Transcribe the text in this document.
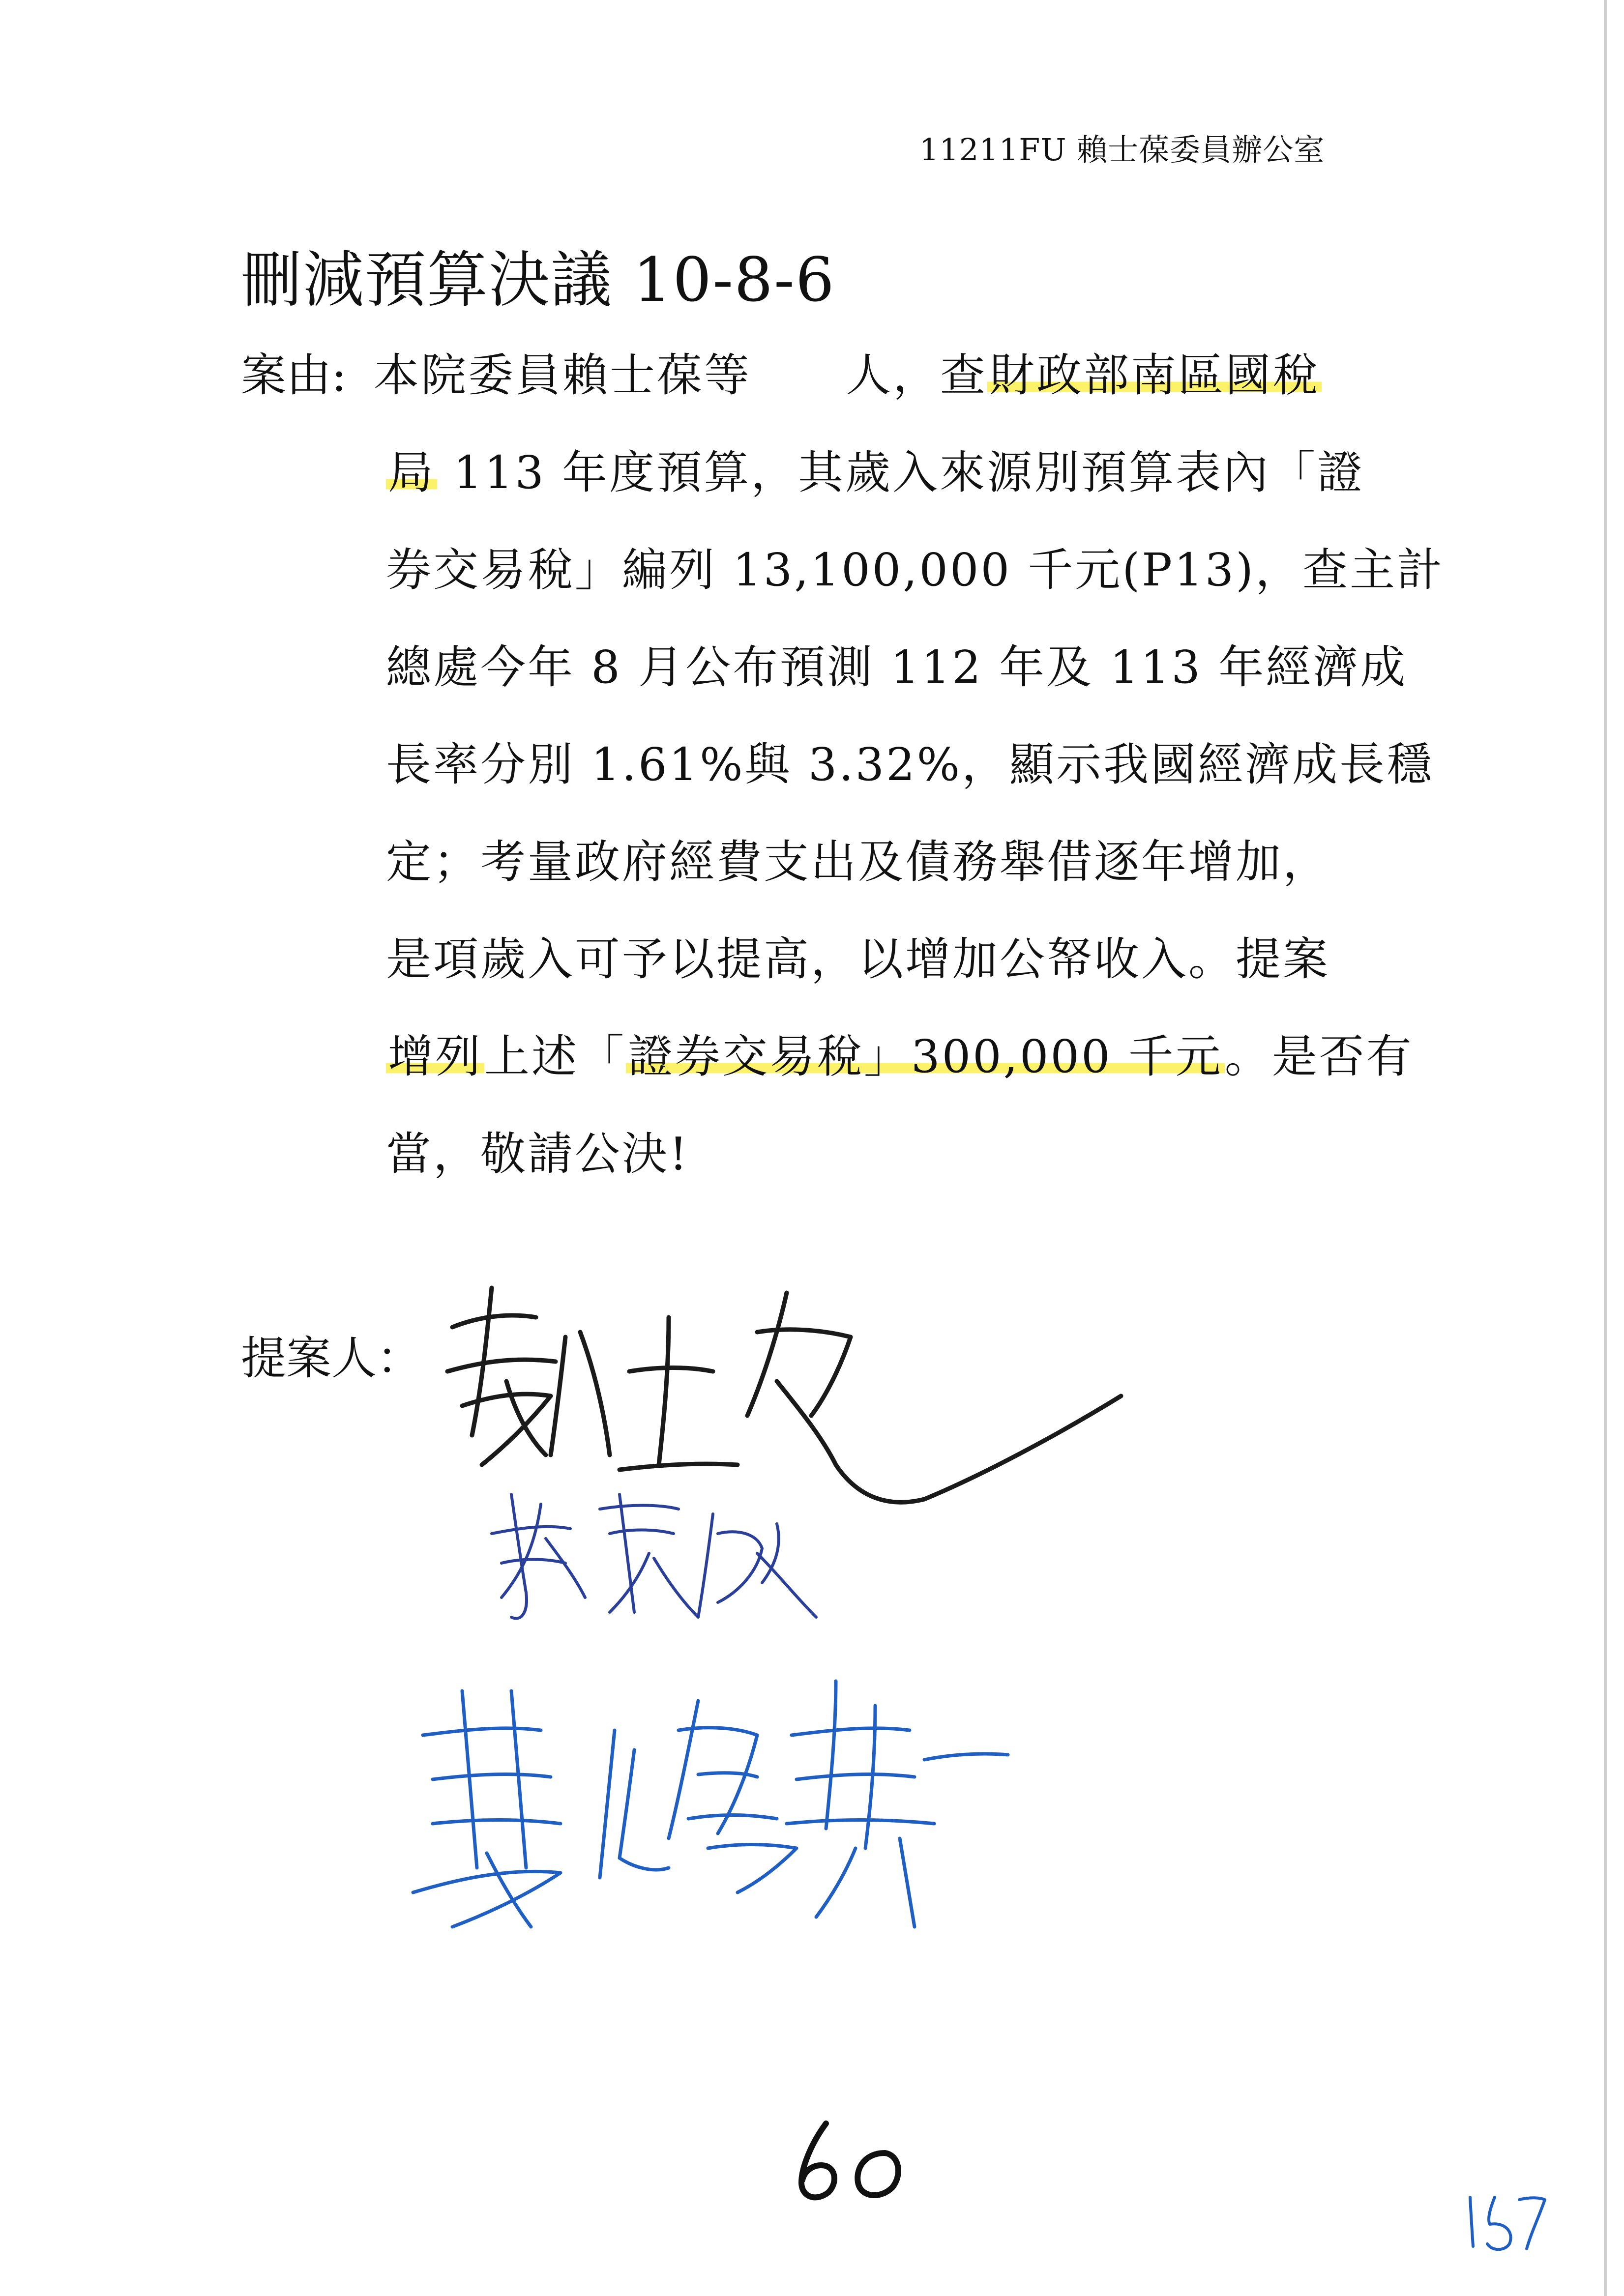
11211FU 賴士葆委員辦公室
刪減預算決議 10-8-6
案由: 本院委員賴士葆等　　人，查財政部南區國稅
局 113 年度預算，其歲入來源別預算表內「證
券交易稅」編列 13,100,000 千元(P13)，查主計
總處今年 8 月公布預測 112 年及 113 年經濟成
長率分別 1.61%與 3.32%，顯示我國經濟成長穩
定；考量政府經費支出及債務舉借逐年增加，
是項歲入可予以提高，以增加公帑收入。提案
增列上述「證券交易稅」300,000 千元。是否有
當，敬請公決!
提案人：
